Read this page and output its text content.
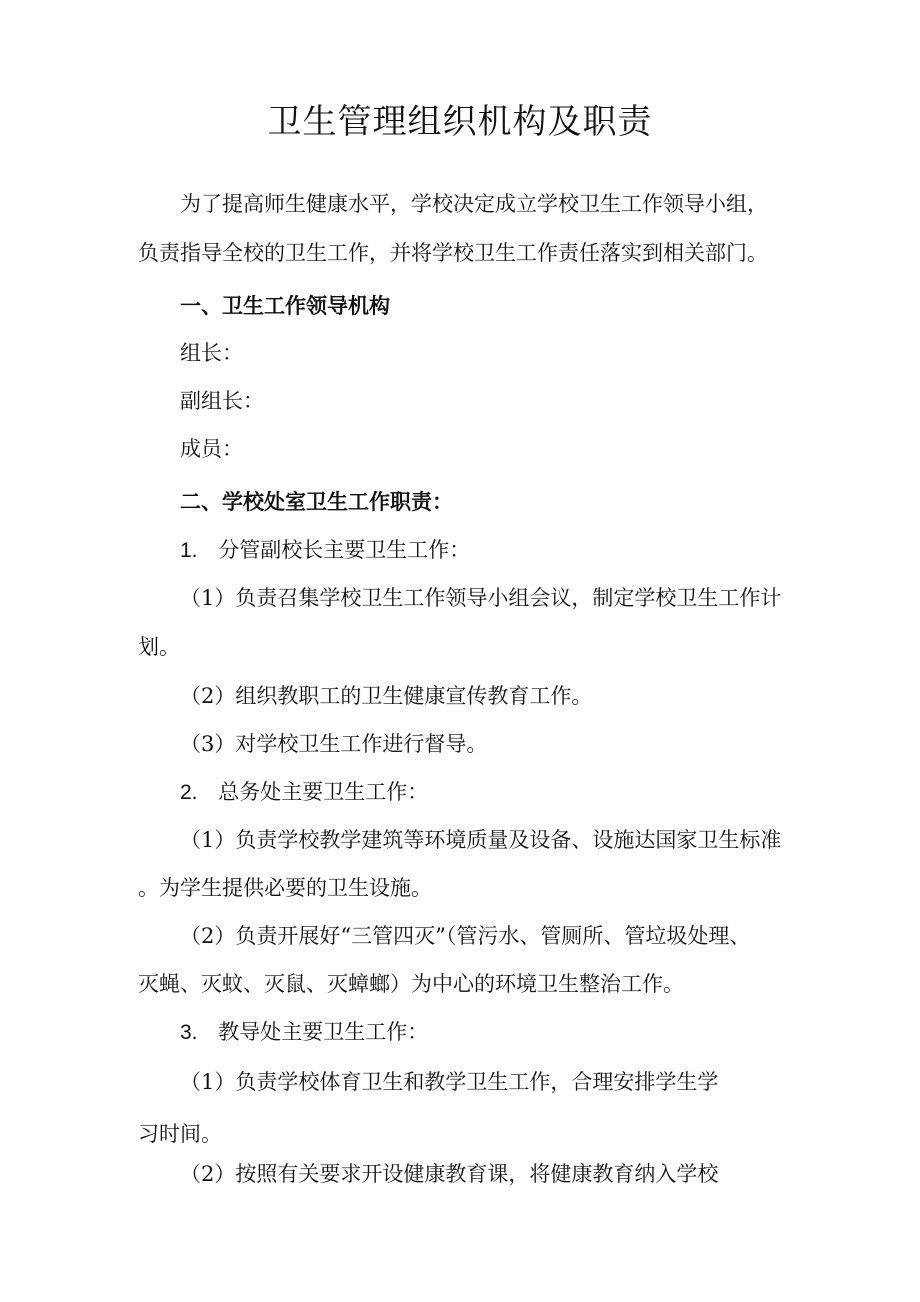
卫生管理组织机构及职责
为了提高师生健康水平，学校决定成立学校卫生工作领导小组，
负责指导全校的卫生工作，并将学校卫生工作责任落实到相关部门。
一、卫生工作领导机构
组长：
副组长：
成员：
二、学校处室卫生工作职责：
1. 分管副校长主要卫生工作：
（1）负责召集学校卫生工作领导小组会议，制定学校卫生工作计
划。
（2）组织教职工的卫生健康宣传教育工作。
（3）对学校卫生工作进行督导。
2. 总务处主要卫生工作：
（1）负责学校教学建筑等环境质量及设备、设施达国家卫生标准
。为学生提供必要的卫生设施。
（2）负责开展好“三管四灭”（管污水、管厕所、管垃圾处理、
灭蝇、灭蚊、灭鼠、灭蟑螂）为中心的环境卫生整治工作。
3. 教导处主要卫生工作：
（1）负责学校体育卫生和教学卫生工作，合理安排学生学
习时间。
（2）按照有关要求开设健康教育课，将健康教育纳入学校
